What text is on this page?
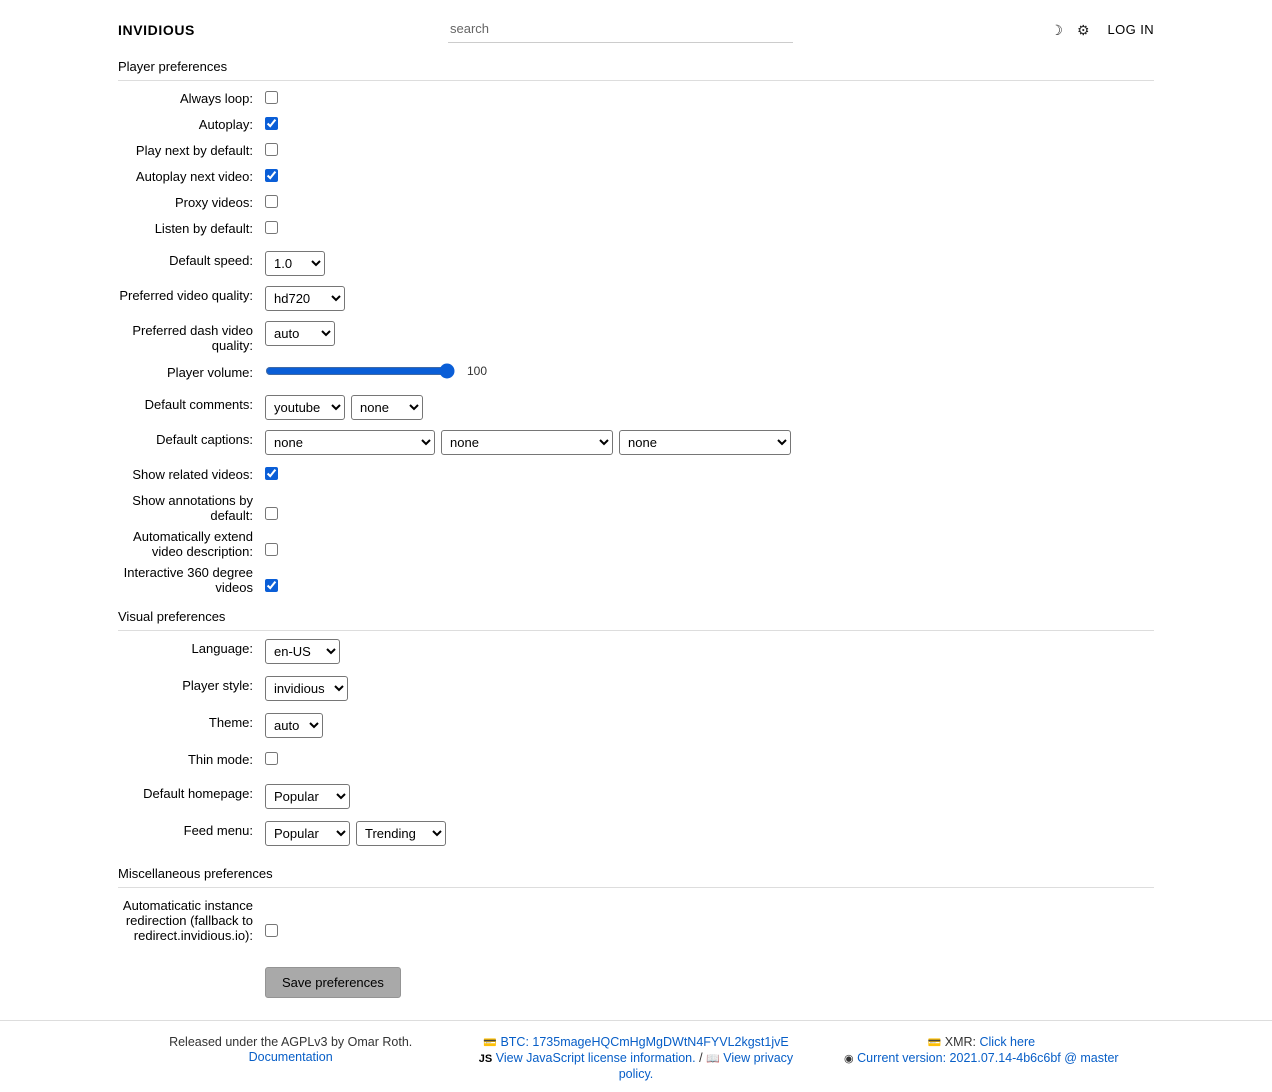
INVIDIOUS
search	☽ ⚙ LOG IN
Player preferences
Always loop:
Autoplay:
Play next by default:
Autoplay next video:
Proxy videos:
Listen by default:
Default speed:
1.0
Preferred video quality:
hd720
Preferred dash video quality:
auto
Player volume:	100
Default comments:
youtube
none
Default captions:
none
none
none
Show related videos:
Show annotations by default:
Automatically extend video description:
Interactive 360 degree videos
Visual preferences
Language:
en-US
Player style:
invidious
Theme:
auto
Thin mode:
Default homepage:
Popular
Feed menu:
Popular
Trending
Miscellaneous preferences
Automaticatic instance redirection (fallback to redirect.invidious.io):
Save preferences
Released under the AGPLv3 by Omar Roth.
Documentation
💳 BTC: 1735mageHQCmHgMgDWtN4FYVL2kgst1jvE
JS View JavaScript license information. / 📖 View privacy policy.
💳 XMR: Click here
◉ Current version: 2021.07.14-4b6c6bf @ master
